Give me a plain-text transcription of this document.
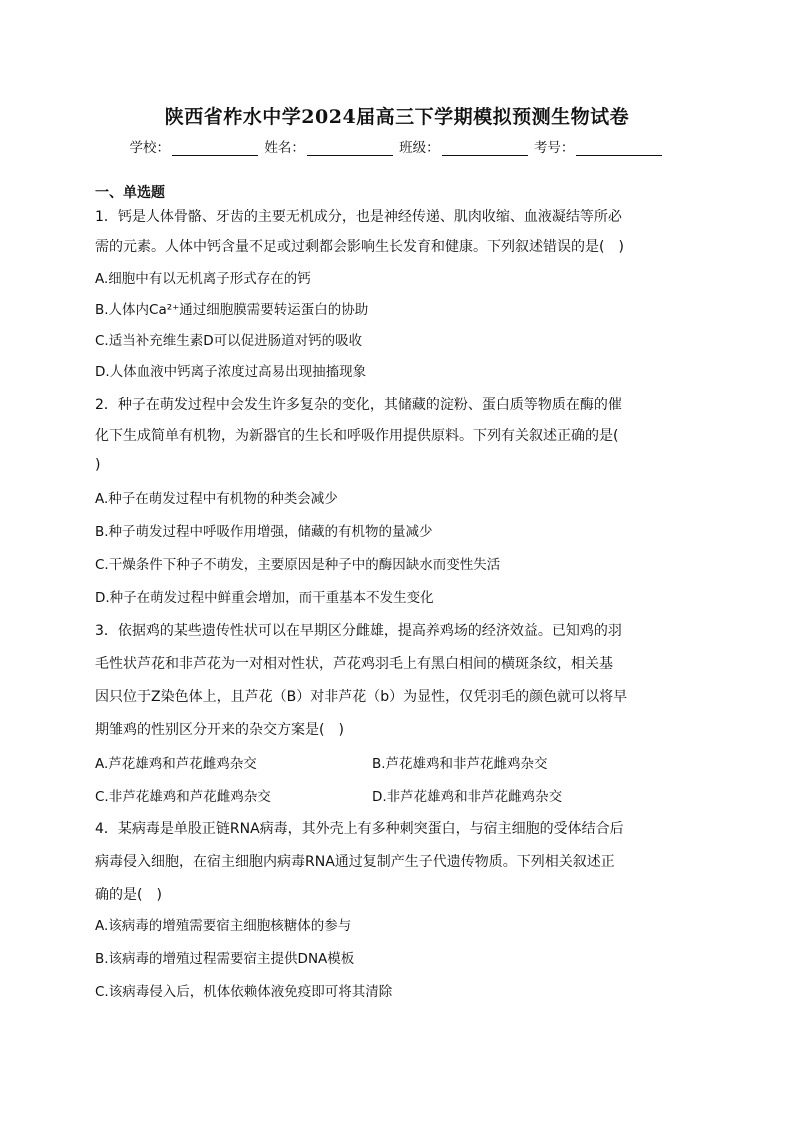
陕西省柞水中学2024届高三下学期模拟预测生物试卷
学校：	姓名：	班级：	考号：
一、单选题
1．钙是人体骨骼、牙齿的主要无机成分，也是神经传递、肌肉收缩、血液凝结等所必
需的元素。人体中钙含量不足或过剩都会影响生长发育和健康。下列叙述错误的是(　)
A.细胞中有以无机离子形式存在的钙
B.人体内Ca²⁺通过细胞膜需要转运蛋白的协助
C.适当补充维生素D可以促进肠道对钙的吸收
D.人体血液中钙离子浓度过高易出现抽搐现象
2．种子在萌发过程中会发生许多复杂的变化，其储藏的淀粉、蛋白质等物质在酶的催
化下生成简单有机物，为新器官的生长和呼吸作用提供原料。下列有关叙述正确的是(
)
A.种子在萌发过程中有机物的种类会减少
B.种子萌发过程中呼吸作用增强，储藏的有机物的量减少
C.干燥条件下种子不萌发，主要原因是种子中的酶因缺水而变性失活
D.种子在萌发过程中鲜重会增加，而干重基本不发生变化
3．依据鸡的某些遗传性状可以在早期区分雌雄，提高养鸡场的经济效益。已知鸡的羽
毛性状芦花和非芦花为一对相对性状，芦花鸡羽毛上有黑白相间的横斑条纹，相关基
因只位于Z染色体上，且芦花（B）对非芦花（b）为显性，仅凭羽毛的颜色就可以将早
期雏鸡的性别区分开来的杂交方案是(　)
A.芦花雄鸡和芦花雌鸡杂交	B.芦花雄鸡和非芦花雌鸡杂交
C.非芦花雄鸡和芦花雌鸡杂交	D.非芦花雄鸡和非芦花雌鸡杂交
4．某病毒是单股正链RNA病毒，其外壳上有多种刺突蛋白，与宿主细胞的受体结合后
病毒侵入细胞，在宿主细胞内病毒RNA通过复制产生子代遗传物质。下列相关叙述正
确的是(　)
A.该病毒的增殖需要宿主细胞核糖体的参与
B.该病毒的增殖过程需要宿主提供DNA模板
C.该病毒侵入后，机体依赖体液免疫即可将其清除
